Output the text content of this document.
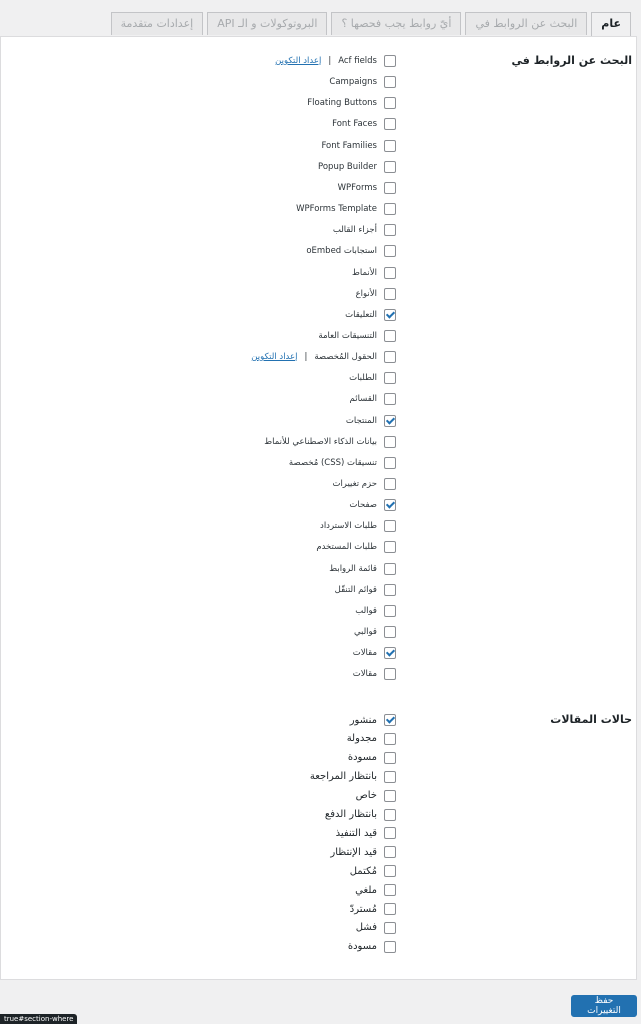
عام
البحث عن الروابط في
أيّ روابط يجب فحصها ؟
البروتوكولات و الـ API
إعدادات متقدمة
البحث عن الروابط في
إعداد التكوين | Acf fields
Campaigns
Floating Buttons
Font Faces
Font Families
Popup Builder
WPForms
WPForms Template
أجزاء القالب
استجابات oEmbed
الأنماط
الأنواع
التعليقات
التنسيقات العامة
إعداد التكوين | الحقول المُخصصة
الطلبات
القسائم
المنتجات
بيانات الذكاء الاصطناعي للأنماط
تنسيقات (CSS) مُخصصة
حزم تغييرات
صفحات
طلبات الاسترداد
طلبات المستخدم
قائمة الروابط
قوائم التنقّل
قوالب
قوالبي
مقالات
مقالات
حالات المقالات
منشور
مجدولة
مسودة
بانتظار المراجعة
خاص
بانتظار الدفع
قيد التنفيذ
قيد الإنتظار
مُكتمل
ملغي
مُستردّ
فشل
مسودة
حفظ التغييرات
true#section-where
